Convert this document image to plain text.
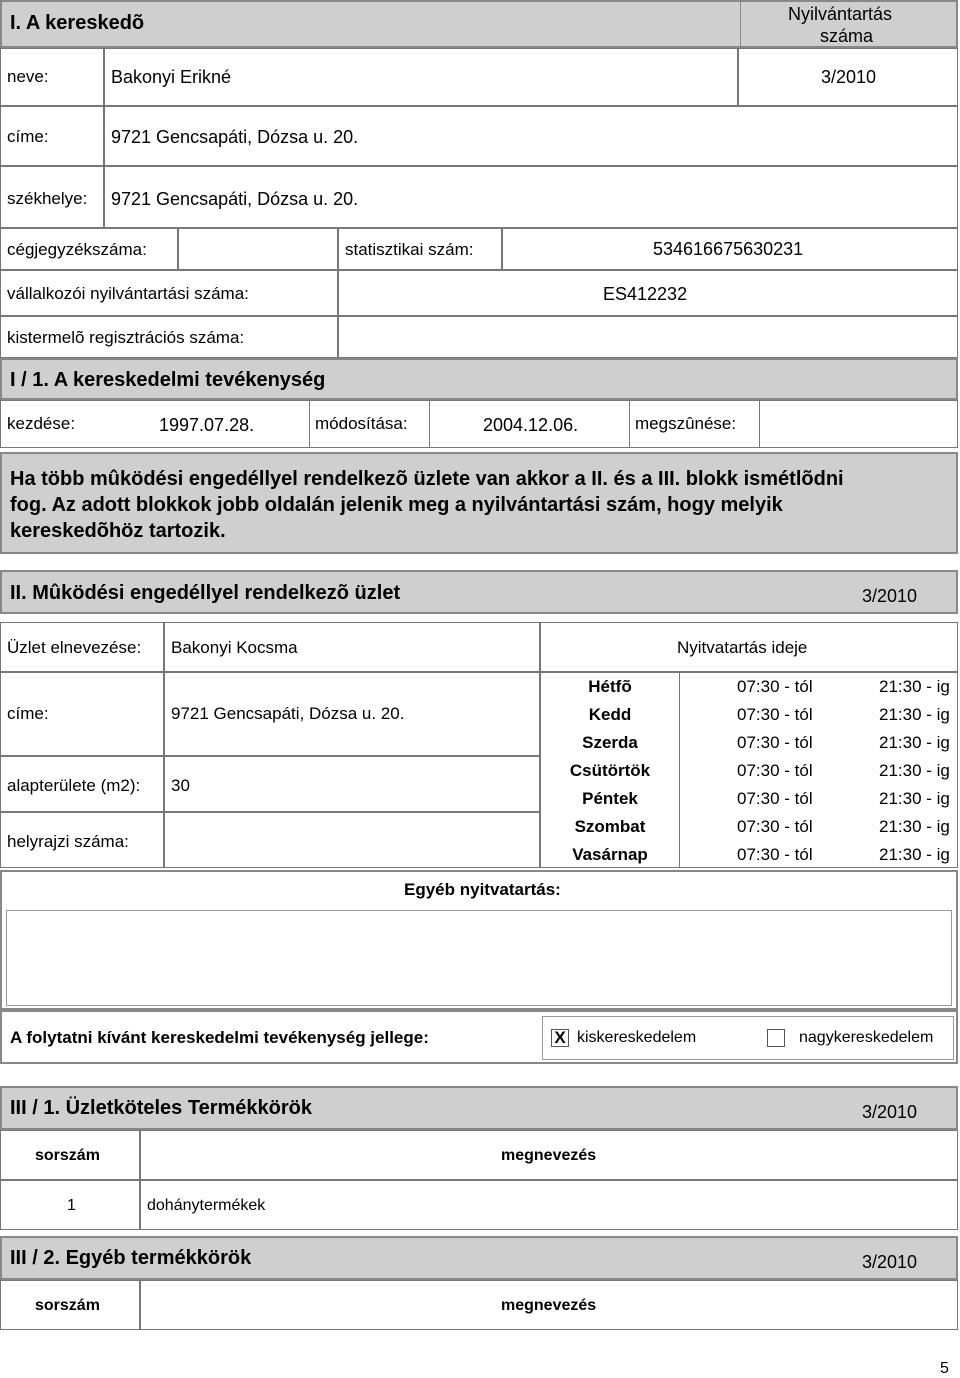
I. A kereskedõ	Nyilvántartás
száma
neve:	Bakonyi Erikné	3/2010
címe:	9721 Gencsapáti, Dózsa u. 20.
székhelye: 9721 Gencsapáti, Dózsa u. 20.
cégjegyzékszáma:	statisztikai szám:	534616675630231
vállalkozói nyilvántartási száma:	ES412232
kistermelõ regisztrációs száma:
I / 1. A kereskedelmi tevékenység
kezdése:	1997.07.28.	módosítása:	2004.12.06.	megszûnése:
Ha több mûködési engedéllyel rendelkezõ üzlete van akkor a II. és a III. blokk ismétlõdni
fog. Az adott blokkok jobb oldalán jelenik meg a nyilvántartási szám, hogy melyik
kereskedõhöz tartozik.
II. Mûködési engedéllyel rendelkezõ üzlet	3/2010
Üzlet elnevezése: Bakonyi Kocsma	Nyitvatartás ideje
címe:	9721 Gencsapáti, Dózsa u. 20.
alapterülete (m2): 30
helyrajzi száma:
Hétfõ	07:30 - tól	21:30 - ig
Kedd	07:30 - tól	21:30 - ig
Szerda	07:30 - tól	21:30 - ig
Csütörtök	07:30 - tól	21:30 - ig
Péntek	07:30 - tól	21:30 - ig
Szombat	07:30 - tól	21:30 - ig
Vasárnap	07:30 - tól	21:30 - ig
Egyéb nyitvatartás:
A folytatni kívánt kereskedelmi tevékenység jellege:	X kiskereskedelem	nagykereskedelem
III / 1. Üzletköteles Termékkörök	3/2010
sorszám	megnevezés
1	dohánytermékek
III / 2. Egyéb termékkörök	3/2010
sorszám	megnevezés
5
